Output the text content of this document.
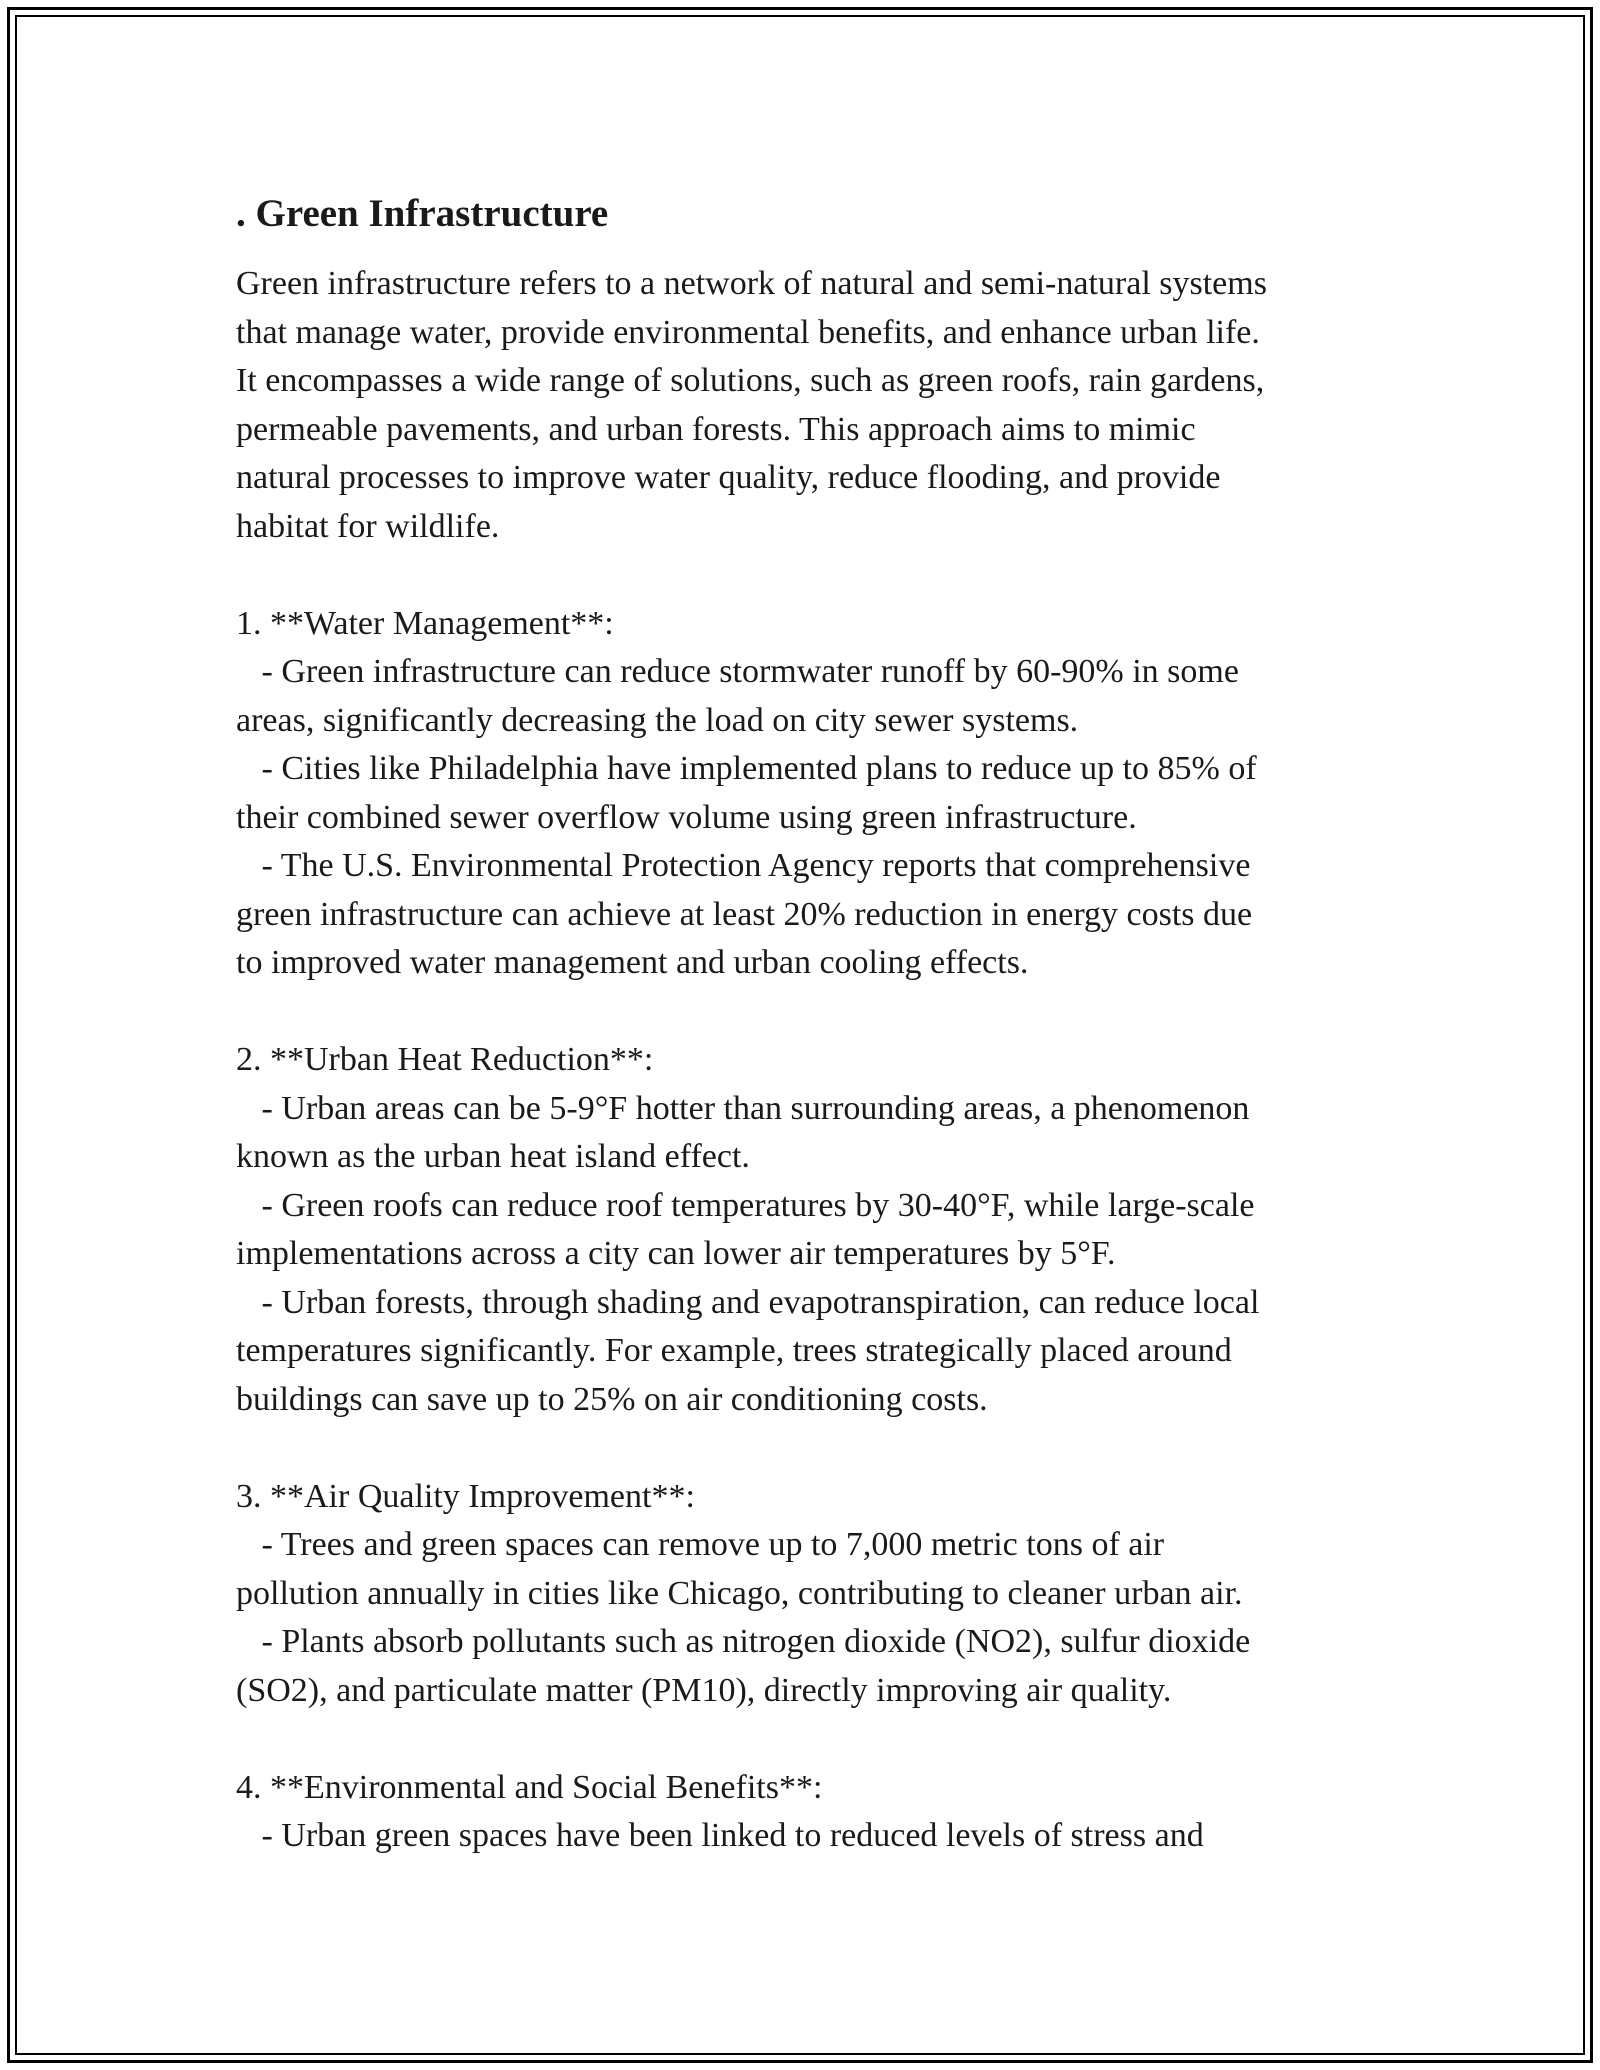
. Green Infrastructure
Green infrastructure refers to a network of natural and semi-natural systems
that manage water, provide environmental benefits, and enhance urban life.
It encompasses a wide range of solutions, such as green roofs, rain gardens,
permeable pavements, and urban forests. This approach aims to mimic
natural processes to improve water quality, reduce flooding, and provide
habitat for wildlife.
1. **Water Management**:
- Green infrastructure can reduce stormwater runoff by 60-90% in some
areas, significantly decreasing the load on city sewer systems.
- Cities like Philadelphia have implemented plans to reduce up to 85% of
their combined sewer overflow volume using green infrastructure.
- The U.S. Environmental Protection Agency reports that comprehensive
green infrastructure can achieve at least 20% reduction in energy costs due
to improved water management and urban cooling effects.
2. **Urban Heat Reduction**:
- Urban areas can be 5-9°F hotter than surrounding areas, a phenomenon
known as the urban heat island effect.
- Green roofs can reduce roof temperatures by 30-40°F, while large-scale
implementations across a city can lower air temperatures by 5°F.
- Urban forests, through shading and evapotranspiration, can reduce local
temperatures significantly. For example, trees strategically placed around
buildings can save up to 25% on air conditioning costs.
3. **Air Quality Improvement**:
- Trees and green spaces can remove up to 7,000 metric tons of air
pollution annually in cities like Chicago, contributing to cleaner urban air.
- Plants absorb pollutants such as nitrogen dioxide (NO2), sulfur dioxide
(SO2), and particulate matter (PM10), directly improving air quality.
4. **Environmental and Social Benefits**:
- Urban green spaces have been linked to reduced levels of stress and
